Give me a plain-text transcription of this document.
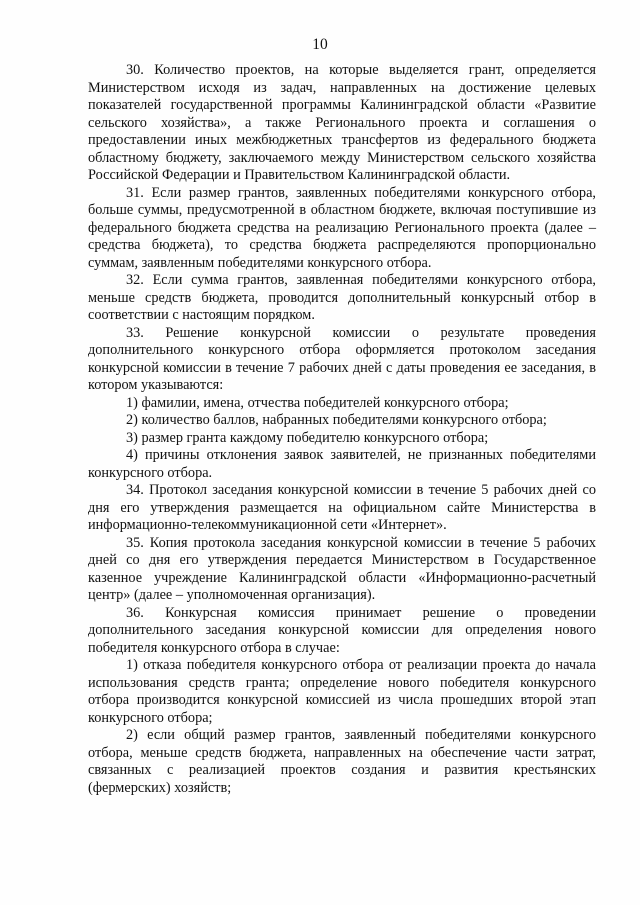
10

30. Количество проектов, на которые выделяется грант, определяется Министерством исходя из задач, направленных на достижение целевых показателей государственной программы Калининградской области «Развитие сельского хозяйства», а также Регионального проекта и соглашения о предоставлении иных межбюджетных трансфертов из федерального бюджета областному бюджету, заключаемого между Министерством сельского хозяйства Российской Федерации и Правительством Калининградской области.

31. Если размер грантов, заявленных победителями конкурсного отбора, больше суммы, предусмотренной в областном бюджете, включая поступившие из федерального бюджета средства на реализацию Регионального проекта (далее – средства бюджета), то средства бюджета распределяются пропорционально суммам, заявленным победителями конкурсного отбора.

32. Если сумма грантов, заявленная победителями конкурсного отбора, меньше средств бюджета, проводится дополнительный конкурсный отбор в соответствии с настоящим порядком.

33. Решение конкурсной комиссии о результате проведения дополнительного конкурсного отбора оформляется протоколом заседания конкурсной комиссии в течение 7 рабочих дней с даты проведения ее заседания, в котором указываются:

1) фамилии, имена, отчества победителей конкурсного отбора;

2) количество баллов, набранных победителями конкурсного отбора;

3) размер гранта каждому победителю конкурсного отбора;

4) причины отклонения заявок заявителей, не признанных победителями конкурсного отбора.

34. Протокол заседания конкурсной комиссии в течение 5 рабочих дней со дня его утверждения размещается на официальном сайте Министерства в информационно-телекоммуникационной сети «Интернет».

35. Копия протокола заседания конкурсной комиссии в течение 5 рабочих дней со дня его утверждения передается Министерством в Государственное казенное учреждение Калининградской области «Информационно-расчетный центр» (далее – уполномоченная организация).

36. Конкурсная комиссия принимает решение о проведении дополнительного заседания конкурсной комиссии для определения нового победителя конкурсного отбора в случае:

1) отказа победителя конкурсного отбора от реализации проекта до начала использования средств гранта; определение нового победителя конкурсного отбора производится конкурсной комиссией из числа прошедших второй этап конкурсного отбора;

2) если общий размер грантов, заявленный победителями конкурсного отбора, меньше средств бюджета, направленных на обеспечение части затрат, связанных с реализацией проектов создания и развития крестьянских (фермерских) хозяйств;
